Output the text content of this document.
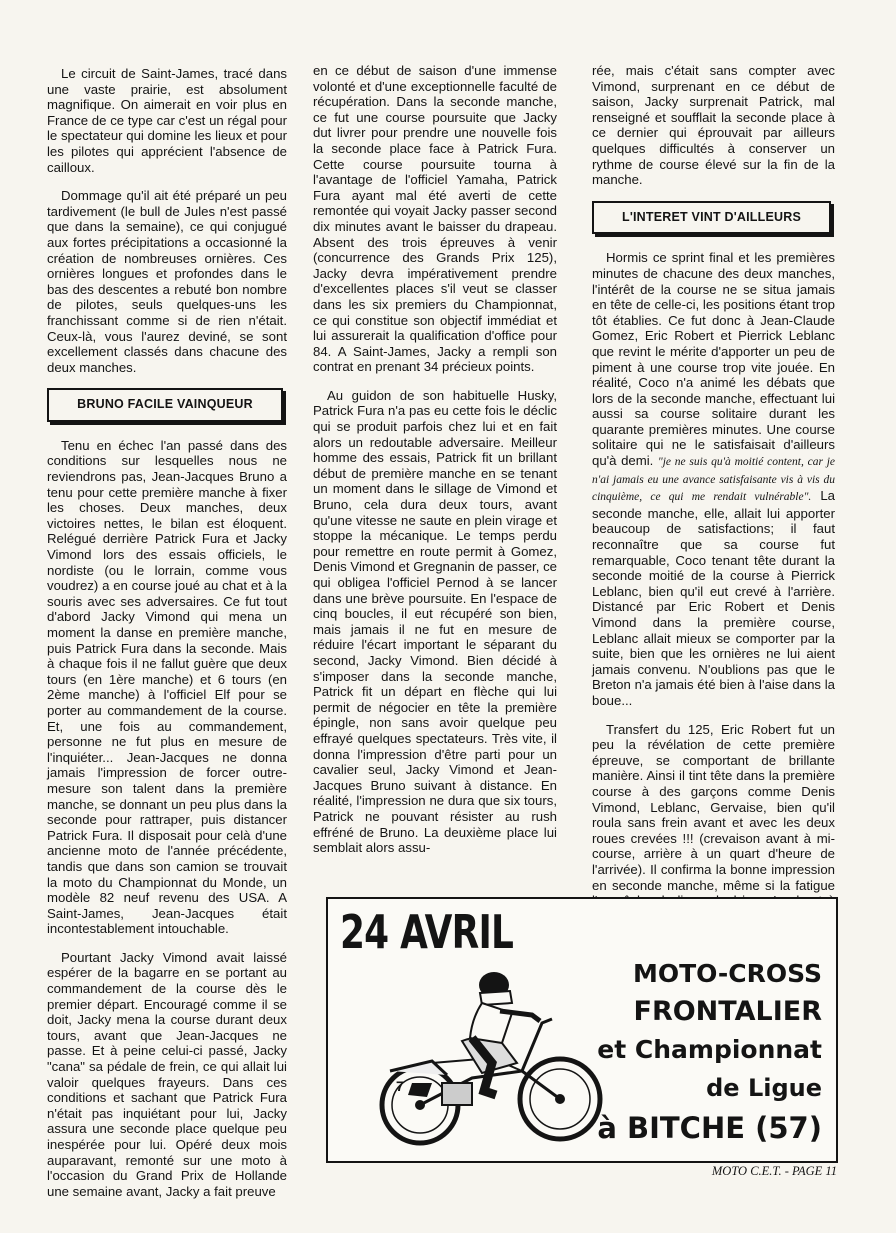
Le circuit de Saint-James, tracé dans une vaste prairie, est absolument magnifique. On aimerait en voir plus en France de ce type car c'est un régal pour le spectateur qui domine les lieux et pour les pilotes qui apprécient l'absence de cailloux.

Dommage qu'il ait été préparé un peu tardivement (le bull de Jules n'est passé que dans la semaine), ce qui conjugué aux fortes précipitations a occasionné la création de nombreuses ornières. Ces ornières longues et profondes dans le bas des descentes a rebuté bon nombre de pilotes, seuls quelques-uns les franchissant comme si de rien n'était. Ceux-là, vous l'aurez deviné, se sont excellement classés dans chacune des deux manches.

BRUNO FACILE VAINQUEUR

Tenu en échec l'an passé dans des conditions sur lesquelles nous ne reviendrons pas, Jean-Jacques Bruno a tenu pour cette première manche à fixer les choses. Deux manches, deux victoires nettes, le bilan est éloquent. Relégué derrière Patrick Fura et Jacky Vimond lors des essais officiels, le nordiste (ou le lorrain, comme vous voudrez) a en course joué au chat et à la souris avec ses adversaires. Ce fut tout d'abord Jacky Vimond qui mena un moment la danse en première manche, puis Patrick Fura dans la seconde. Mais à chaque fois il ne fallut guère que deux tours (en 1ère manche) et 6 tours (en 2ème manche) à l'officiel Elf pour se porter au commandement de la course. Et, une fois au commandement, personne ne fut plus en mesure de l'inquiéter... Jean-Jacques ne donna jamais l'impression de forcer outre-mesure son talent dans la première manche, se donnant un peu plus dans la seconde pour rattraper, puis distancer Patrick Fura. Il disposait pour celà d'une ancienne moto de l'année précédente, tandis que dans son camion se trouvait la moto du Championnat du Monde, un modèle 82 neuf revenu des USA. A Saint-James, Jean-Jacques était incontestablement intouchable.

Pourtant Jacky Vimond avait laissé espérer de la bagarre en se portant au commandement de la course dès le premier départ. Encouragé comme il se doit, Jacky mena la course durant deux tours, avant que Jean-Jacques ne passe. Et à peine celui-ci passé, Jacky "cana" sa pédale de frein, ce qui allait lui valoir quelques frayeurs. Dans ces conditions et sachant que Patrick Fura n'était pas inquiétant pour lui, Jacky assura une seconde place quelque peu inespérée pour lui. Opéré deux mois auparavant, remonté sur une moto à l'occasion du Grand Prix de Hollande une semaine avant, Jacky a fait preuve

en ce début de saison d'une immense volonté et d'une exceptionnelle faculté de récupération. Dans la seconde manche, ce fut une course poursuite que Jacky dut livrer pour prendre une nouvelle fois la seconde place face à Patrick Fura. Cette course poursuite tourna à l'avantage de l'officiel Yamaha, Patrick Fura ayant mal été averti de cette remontée qui voyait Jacky passer second dix minutes avant le baisser du drapeau. Absent des trois épreuves à venir (concurrence des Grands Prix 125), Jacky devra impérativement prendre d'excellentes places s'il veut se classer dans les six premiers du Championnat, ce qui constitue son objectif immédiat et lui assurerait la qualification d'office pour 84. A Saint-James, Jacky a rempli son contrat en prenant 34 précieux points.

Au guidon de son habituelle Husky, Patrick Fura n'a pas eu cette fois le déclic qui se produit parfois chez lui et en fait alors un redoutable adversaire. Meilleur homme des essais, Patrick fit un brillant début de première manche en se tenant un moment dans le sillage de Vimond et Bruno, cela dura deux tours, avant qu'une vitesse ne saute en plein virage et stoppe la mécanique. Le temps perdu pour remettre en route permit à Gomez, Denis Vimond et Gregnanin de passer, ce qui obligea l'officiel Pernod à se lancer dans une brève poursuite. En l'espace de cinq boucles, il eut récupéré son bien, mais jamais il ne fut en mesure de réduire l'écart important le séparant du second, Jacky Vimond. Bien décidé à s'imposer dans la seconde manche, Patrick fit un départ en flèche qui lui permit de négocier en tête la première épingle, non sans avoir quelque peu effrayé quelques spectateurs. Très vite, il donna l'impression d'être parti pour un cavalier seul, Jacky Vimond et Jean-Jacques Bruno suivant à distance. En réalité, l'impression ne dura que six tours, Patrick ne pouvant résister au rush effréné de Bruno. La deuxième place lui semblait alors assu-

rée, mais c'était sans compter avec Vimond, surprenant en ce début de saison, Jacky surprenait Patrick, mal renseigné et soufflait la seconde place à ce dernier qui éprouvait par ailleurs quelques difficultés à conserver un rythme de course élevé sur la fin de la manche.

L'INTERET VINT D'AILLEURS

Hormis ce sprint final et les premières minutes de chacune des deux manches, l'intérêt de la course ne se situa jamais en tête de celle-ci, les positions étant trop tôt établies. Ce fut donc à Jean-Claude Gomez, Eric Robert et Pierrick Leblanc que revint le mérite d'apporter un peu de piment à une course trop vite jouée. En réalité, Coco n'a animé les débats que lors de la seconde manche, effectuant lui aussi sa course solitaire durant les quarante premières minutes. Une course solitaire qui ne le satisfaisait d'ailleurs qu'à demi. "je ne suis qu'à moitié content, car je n'ai jamais eu une avance satisfaisante vis à vis du cinquième, ce qui me rendait vulnérable". La seconde manche, elle, allait lui apporter beaucoup de satisfactions; il faut reconnaître que sa course fut remarquable, Coco tenant tête durant la seconde moitié de la course à Pierrick Leblanc, bien qu'il eut crevé à l'arrière. Distancé par Eric Robert et Denis Vimond dans la première course, Leblanc allait mieux se comporter par la suite, bien que les ornières ne lui aient jamais convenu. N'oublions pas que le Breton n'a jamais été bien à l'aise dans la boue...

Transfert du 125, Eric Robert fut un peu la révélation de cette première épreuve, se comportant de brillante manière. Ainsi il tint tête dans la première course à des garçons comme Denis Vimond, Leblanc, Gervaise, bien qu'il roula sans frein avant et avec les deux roues crevées !!! (crevaison avant à mi-course, arrière à un quart d'heure de l'arrivée). Il confirma la bonne impression en seconde manche, même si la fatigue

24 AVRIL
7
MOTO-CROSS
FRONTALIER
et Championnat
de Ligue
à BITCHE (57)
MOTO C.E.T. - PAGE 11
